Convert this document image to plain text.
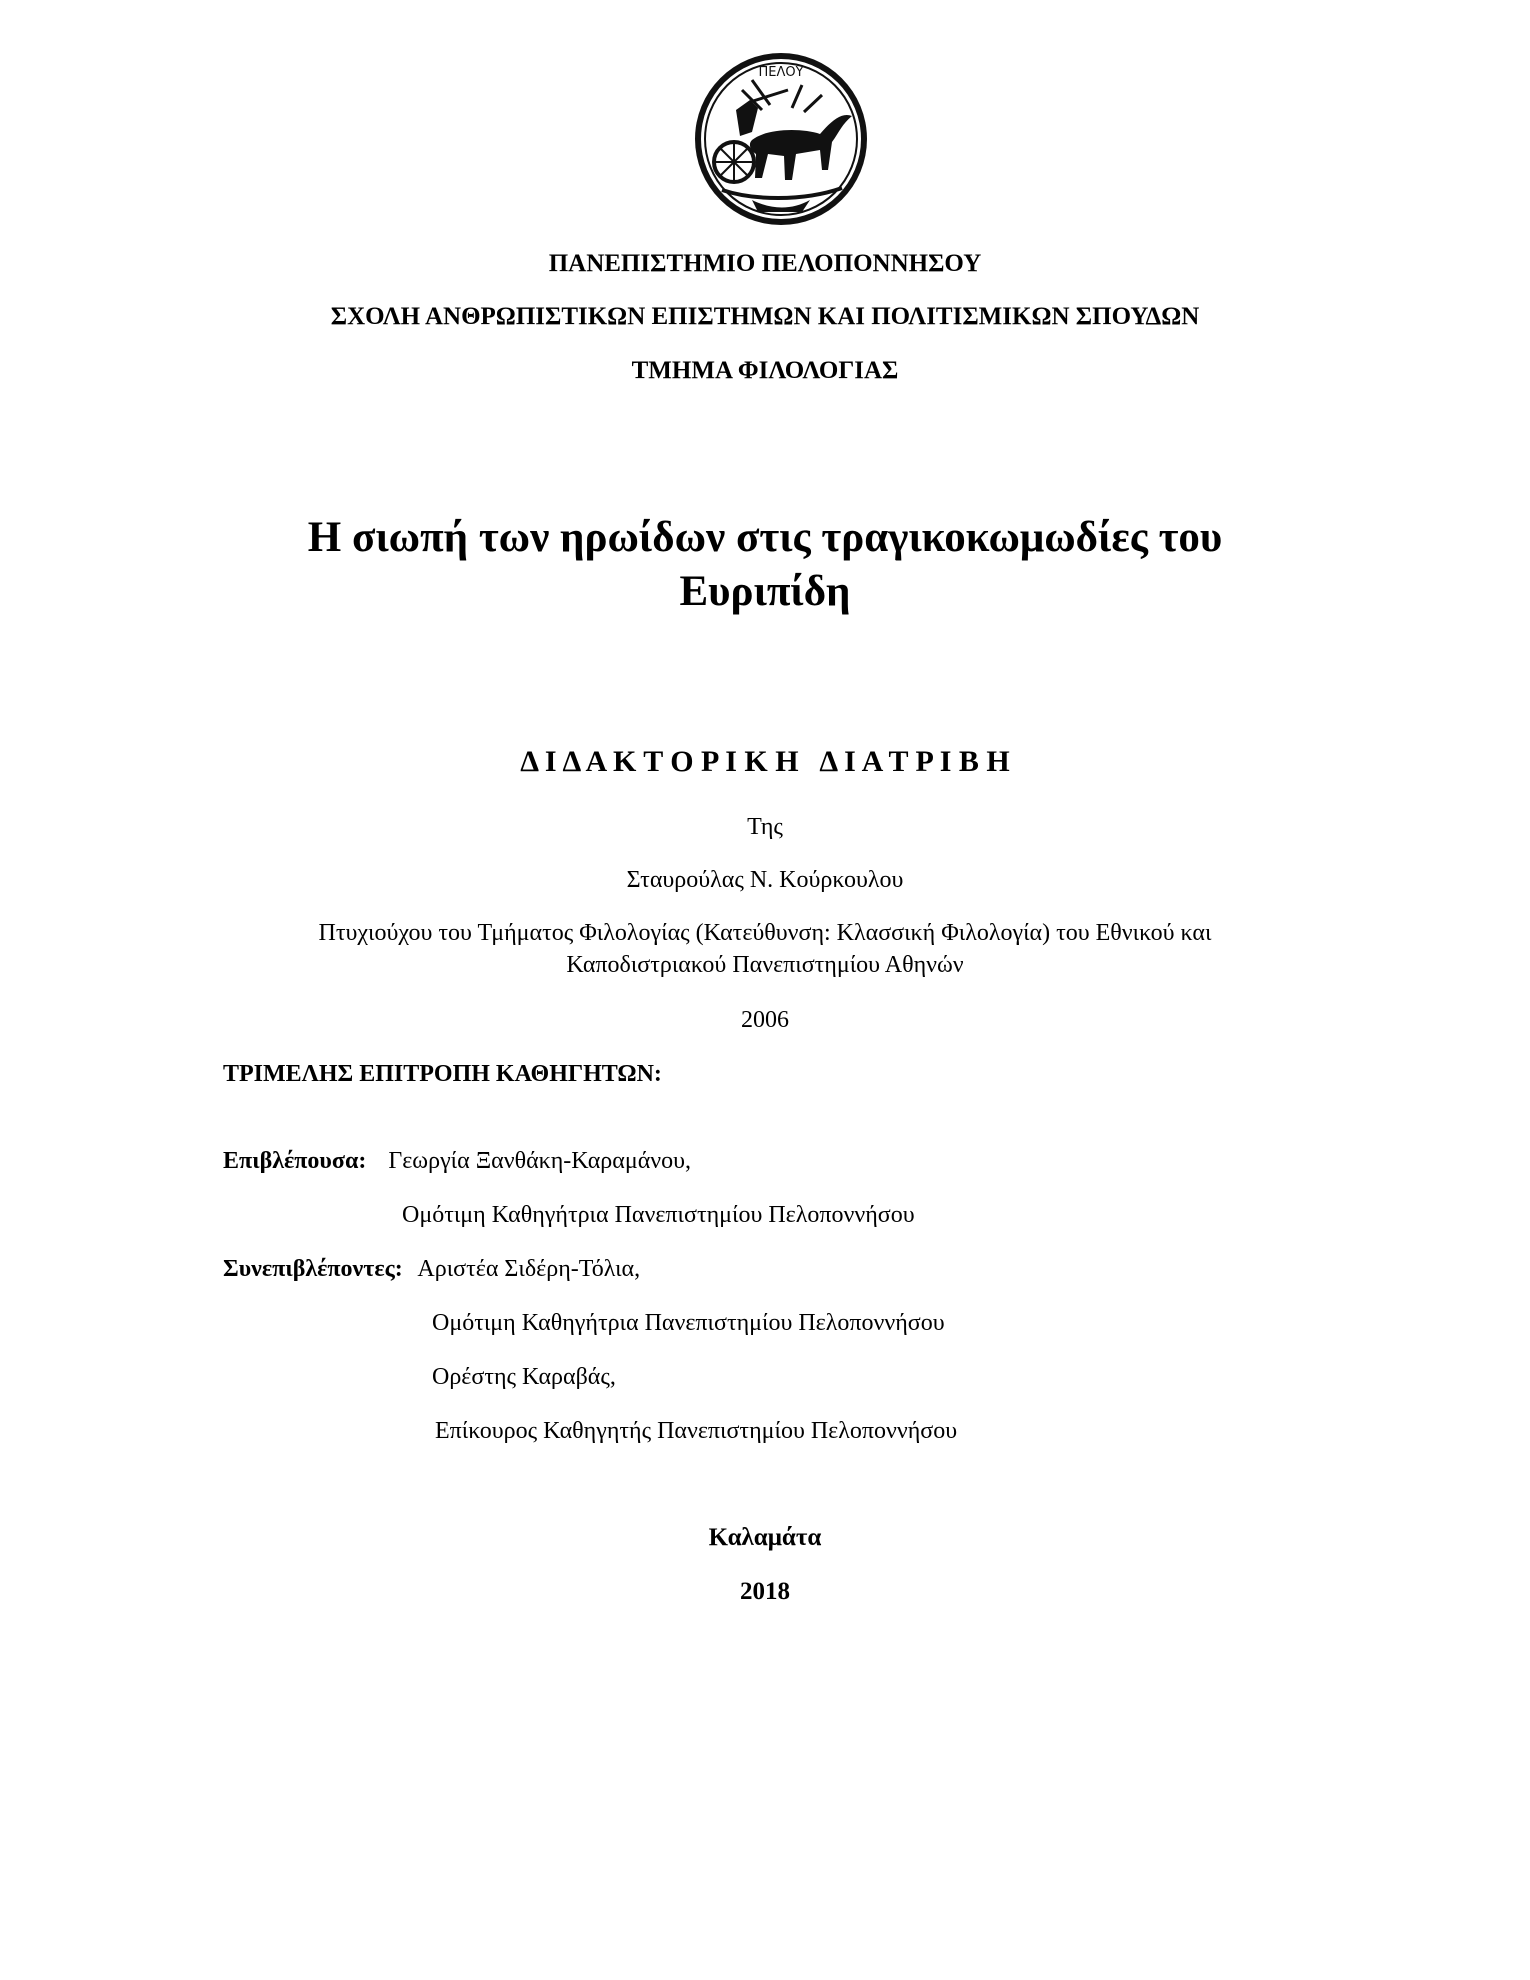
ΠΕΛΟΥ
ΠΑΝΕΠΙΣΤΗΜΙΟ ΠΕΛΟΠΟΝΝΗΣΟΥ
ΣΧΟΛΗ ΑΝΘΡΩΠΙΣΤΙΚΩΝ ΕΠΙΣΤΗΜΩΝ ΚΑΙ ΠΟΛΙΤΙΣΜΙΚΩΝ ΣΠΟΥΔΩΝ
ΤΜΗΜΑ ΦΙΛΟΛΟΓΙΑΣ
Η σιωπή των ηρωίδων στις τραγικοκωμωδίες του
Ευριπίδη
Δ Ι Δ Α Κ Τ Ο Ρ Ι Κ Η   Δ Ι Α Τ Ρ Ι Β Η
Της
Σταυρούλας Ν. Κούρκουλου
Πτυχιούχου του Τμήματος Φιλολογίας (Κατεύθυνση: Κλασσική Φιλολογία) του Εθνικού και
Καποδιστριακού Πανεπιστημίου Αθηνών
2006
ΤΡΙΜΕΛΗΣ ΕΠΙΤΡΟΠΗ ΚΑΘΗΓΗΤΩΝ:
Επιβλέπουσα: Γεωργία Ξανθάκη-Καραμάνου,
Ομότιμη Καθηγήτρια Πανεπιστημίου Πελοποννήσου
Συνεπιβλέποντες: Αριστέα Σιδέρη-Τόλια,
Ομότιμη Καθηγήτρια Πανεπιστημίου Πελοποννήσου
Ορέστης Καραβάς,
Επίκουρος Καθηγητής Πανεπιστημίου Πελοποννήσου
Καλαμάτα
2018
